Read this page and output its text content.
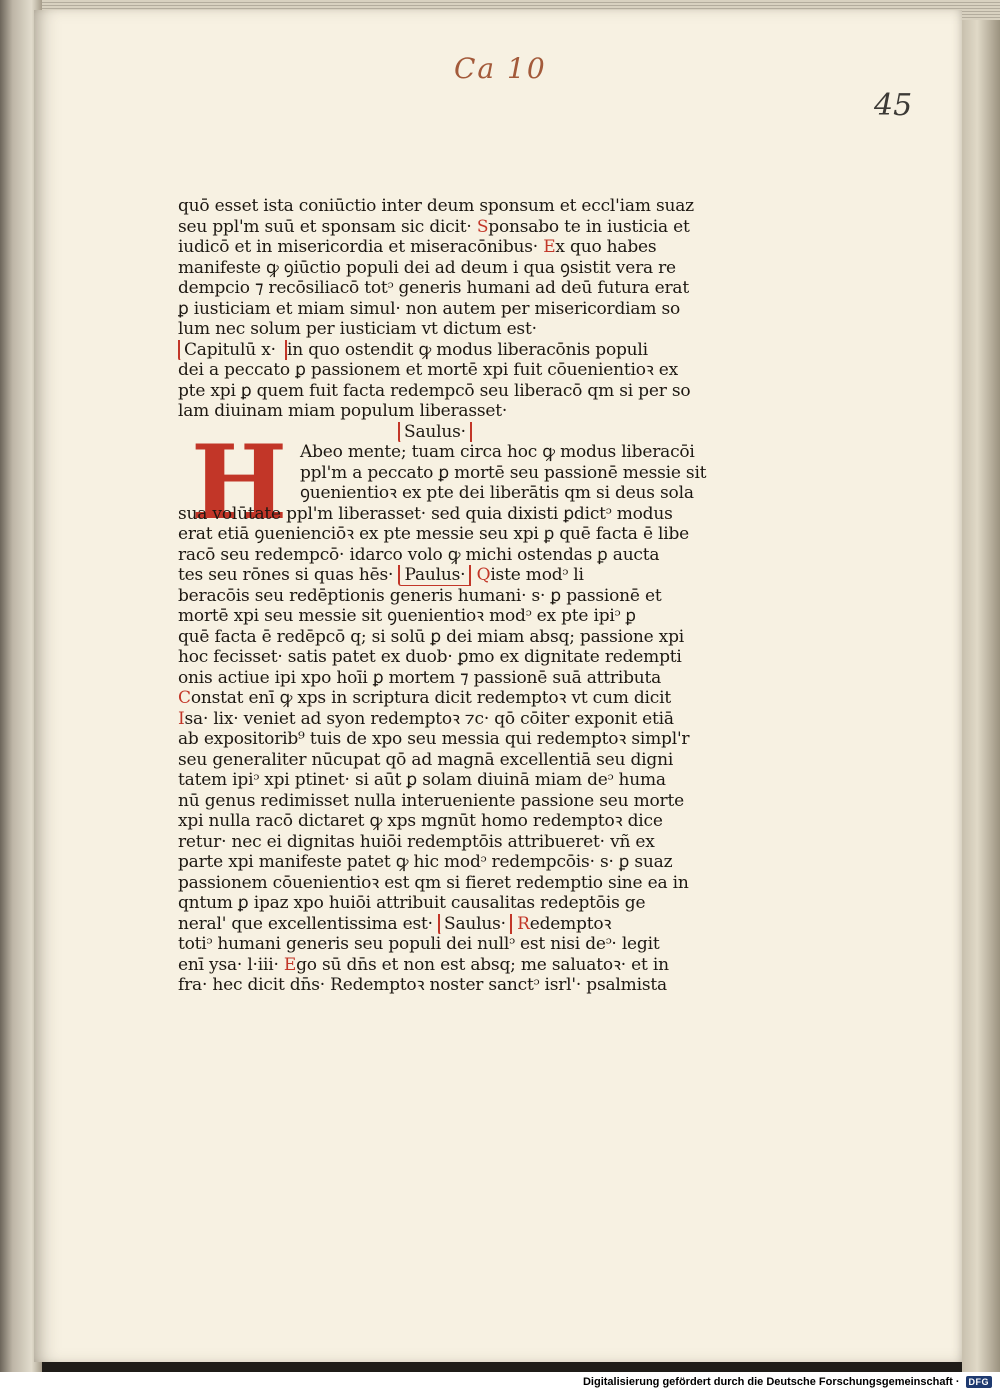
Ca 10
45
H
quō esset ista coniūctio inter deum sponsum et eccl'iam suaz
seu ppl'm suū et sponsam sic dicit· Sponsabo te in iusticia et
iudicō et in misericordia et miseracōnibus· Ex quo habes
manifeste ꝙ ꝯiūctio populi dei ad deum i qua ꝯsistit vera re
dempcio ⁊ recōsiliacō totᵓ generis humani ad deū futura erat
ꝑ iusticiam et miam simul· non autem per misericordiam so
lum nec solum per iusticiam vt dictum est·
Capitulū x· in quo ostendit ꝙ modus liberacōnis populi
dei a peccato ꝑ passionem et mortē xpi fuit cōuenientioꝛ ex
pte xpi ꝑ quem fuit facta redempcō seu liberacō qm si per so
lam diuinam miam populum liberasset·
Saulus·
Abeo mente; tuam circa hoc ꝙ modus liberacōi
ppl'm a peccato ꝑ mortē seu passionē messie sit
ꝯuenientioꝛ ex pte dei liberātis qm si deus sola
sua volūtate ppl'm liberasset· sed quia dixisti ꝑdictᵓ modus
erat etiā ꝯuenienciōꝛ ex pte messie seu xpi ꝑ quē facta ē libe
racō seu redempcō· idarco volo ꝙ michi ostendas ꝑ aucta
tes seu rōnes si quas hēs· Paulus· Qiste modᵓ li
beracōis seu redēptionis generis humani· s· ꝑ passionē et
mortē xpi seu messie sit ꝯuenientioꝛ modᵓ ex pte ipiᵓ ꝑ
quē facta ē redēpcō q; si solū ꝑ dei miam absq; passione xpi
hoc fecisset· satis patet ex duob· ꝑmo ex dignitate redempti
onis actiue ipi xpo hoīi ꝑ mortem ⁊ passionē suā attributa
Constat enī ꝙ xps in scriptura dicit redemptoꝛ vt cum dicit
Isa· lix· veniet ad syon redemptoꝛ ⁊c· qō cōiter exponit etiā
ab expositorib⁹ tuis de xpo seu messia qui redemptoꝛ simpl'r
seu generaliter nūcupat qō ad magnā excellentiā seu digni
tatem ipiᵓ xpi ptinet· si aūt ꝑ solam diuinā miam deᵓ huma
nū genus redimisset nulla interueniente passione seu morte
xpi nulla racō dictaret ꝙ xps mgnūt homo redemptoꝛ dice
retur· nec ei dignitas huiōi redemptōis attribueret· vñ ex
parte xpi manifeste patet ꝙ hic modᵓ redempcōis· s· ꝑ suaz
passionem cōuenientioꝛ est qm si fieret redemptio sine ea in
qntum ꝑ ipaz xpo huiōi attribuit causalitas redeptōis ge
neral' que excellentissima est· Saulus· Redemptoꝛ
totiᵓ humani generis seu populi dei nullᵓ est nisi deᵓ· legit
enī ysa· l·iii· Ego sū dn̄s et non est absq; me saluatoꝛ· et in
fra· hec dicit dn̄s· Redemptoꝛ noster sanctᵓ isrl'· psalmista
Digitalisierung gefördert durch die Deutsche Forschungsgemeinschaft ·	DFG
